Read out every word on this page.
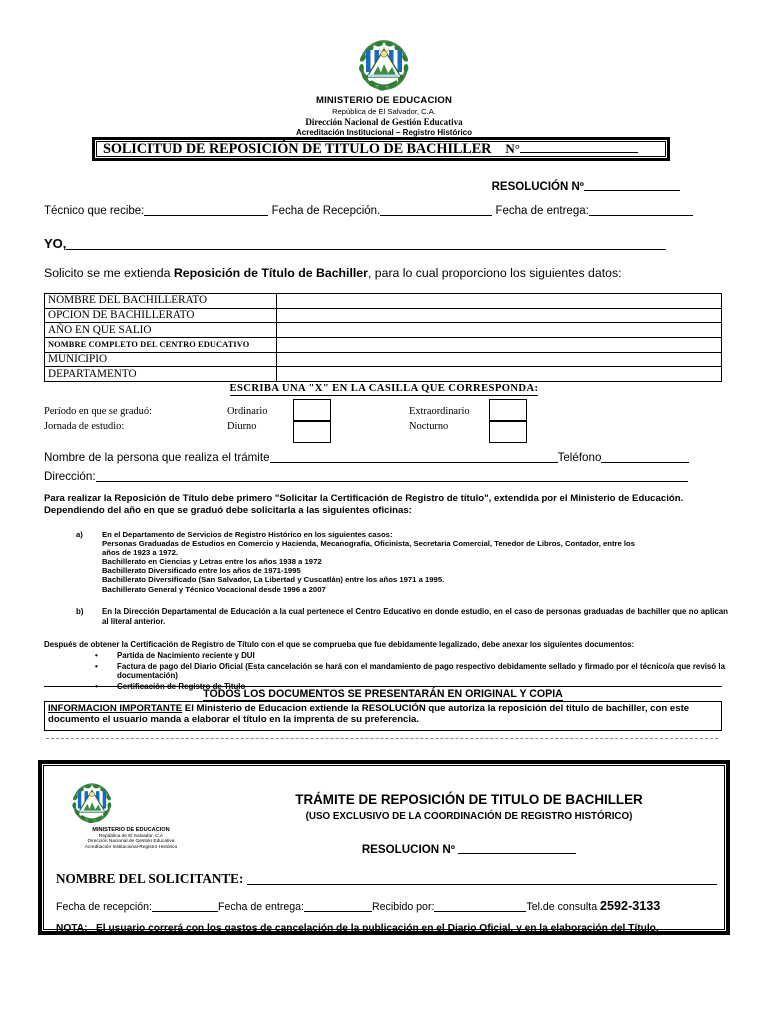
MINISTERIO DE EDUCACION
República de El Salvador, C.A.
Dirección Nacional de Gestión Educativa
Acreditación Institucional – Registro Histórico
SOLICITUD DE REPOSICIÓN DE TITULO DE BACHILLER	N°
RESOLUCIÓN Nº
Técnico que recibe:	Fecha de Recepción.	Fecha de entrega:
YO,
Solicito se me extienda Reposición de Título de Bachiller, para lo cual proporciono los siguientes datos:
NOMBRE DEL BACHILLERATO	
OPCION DE BACHILLERATO	
AÑO EN QUE SALIO	
NOMBRE COMPLETO DEL CENTRO EDUCATIVO	
MUNICIPIO	
DEPARTAMENTO	
ESCRIBA UNA "X" EN LA CASILLA QUE CORRESPONDA:
Período en que se graduó:	Ordinario	Extraordinario
Jornada de estudio:	Diurno	Nocturno
Nombre de la persona que realiza el trámite	Teléfono
Dirección:
Para realizar la Reposición de Título debe primero "Solicitar la Certificación de Registro de título", extendida por el Ministerio de Educación.
Dependiendo del año en que se graduó debe solicitarla a las siguientes oficinas:
a)	En el Departamento de Servicios de Registro Histórico en los siguientes casos:
Personas Graduadas de Estudios en Comercio y Hacienda, Mecanografía, Oficinista, Secretaria Comercial, Tenedor de Libros, Contador, entre los
años de 1923 a 1972.
Bachillerato en Ciencias y Letras entre los años 1938 a 1972
Bachillerato Diversificado entre los años de 1971-1995
Bachillerato Diversificado (San Salvador, La Libertad y Cuscatlán) entre los años 1971 a 1995.
Bachillerato General y Técnico Vocacional desde 1996 a 2007
b)	En la Dirección Departamental de Educación a la cual pertenece el Centro Educativo en donde estudio, en el caso de personas graduadas de bachiller que no aplican al literal anterior.
Después de obtener la Certificación de Registro de Título con el que se comprueba que fue debidamente legalizado, debe anexar los siguientes documentos:
•	Partida de Nacimiento reciente y DUI
•	Factura de pago del Diario Oficial (Esta cancelación se hará con el mandamiento de pago respectivo debidamente sellado y firmado por el técnico/a que revisó la documentación)
•	Certificación de Registro de Titulo
TODOS LOS DOCUMENTOS SE PRESENTARÁN EN ORIGINAL Y COPIA
INFORMACION IMPORTANTE El Ministerio de Educacion extiende la RESOLUCIÓN que autoriza la reposición del titulo de bachiller, con este documento el usuario manda a elaborar el título en la imprenta de su preferencia.
MINISTERIO DE EDUCACION
República de El Salvador, C.A
Dirección Nacional de Gestión Educativa
Acreditación Institucional-Registro Histórico
TRÁMITE DE REPOSICIÓN DE TITULO DE BACHILLER
(USO EXCLUSIVO DE LA COORDINACIÓN DE REGISTRO HISTÓRICO)
RESOLUCION Nº
NOMBRE DEL SOLICITANTE:
Fecha de recepción:	Fecha de entrega:	Recibido por:	Tel.de consulta 2592-3133
NOTA: El usuario correrá con los gastos de cancelación de la publicación en el Diario Oficial, y en la elaboración del Título.
